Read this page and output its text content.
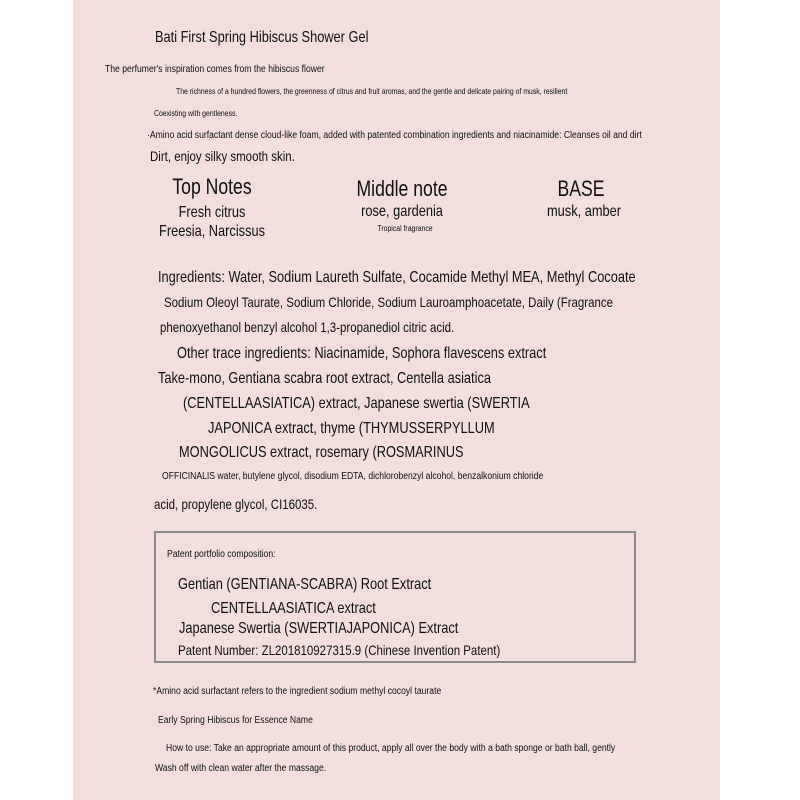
Bati First Spring Hibiscus Shower Gel
The perfumer's inspiration comes from the hibiscus flower
The richness of a hundred flowers, the greenness of citrus and fruit aromas, and the gentle and delicate pairing of musk, resilient
Coexisting with gentleness.
·Amino acid surfactant dense cloud-like foam, added with patented combination ingredients and niacinamide: Cleanses oil and dirt
Dirt, enjoy silky smooth skin.
Top Notes
Fresh citrus
Freesia, Narcissus
Middle note
rose, gardenia
Tropical fragrance
BASE
musk, amber
Ingredients: Water, Sodium Laureth Sulfate, Cocamide Methyl MEA, Methyl Cocoate
Sodium Oleoyl Taurate, Sodium Chloride, Sodium Lauroamphoacetate, Daily (Fragrance
phenoxyethanol benzyl alcohol 1,3-propanediol citric acid.
Other trace ingredients: Niacinamide, Sophora flavescens extract
Take-mono, Gentiana scabra root extract, Centella asiatica
(CENTELLAASIATICA) extract, Japanese swertia (SWERTIA
JAPONICA extract, thyme (THYMUSSERPYLLUM
MONGOLICUS extract, rosemary (ROSMARINUS
OFFICINALIS water, butylene glycol, disodium EDTA, dichlorobenzyl alcohol, benzalkonium chloride
acid, propylene glycol, CI16035.
Patent portfolio composition:
Gentian (GENTIANA-SCABRA) Root Extract
CENTELLAASIATICA extract
Japanese Swertia (SWERTIAJAPONICA) Extract
Patent Number: ZL201810927315.9 (Chinese Invention Patent)
*Amino acid surfactant refers to the ingredient sodium methyl cocoyl taurate
Early Spring Hibiscus for Essence Name
How to use: Take an appropriate amount of this product, apply all over the body with a bath sponge or bath ball, gently
Wash off with clean water after the massage.
